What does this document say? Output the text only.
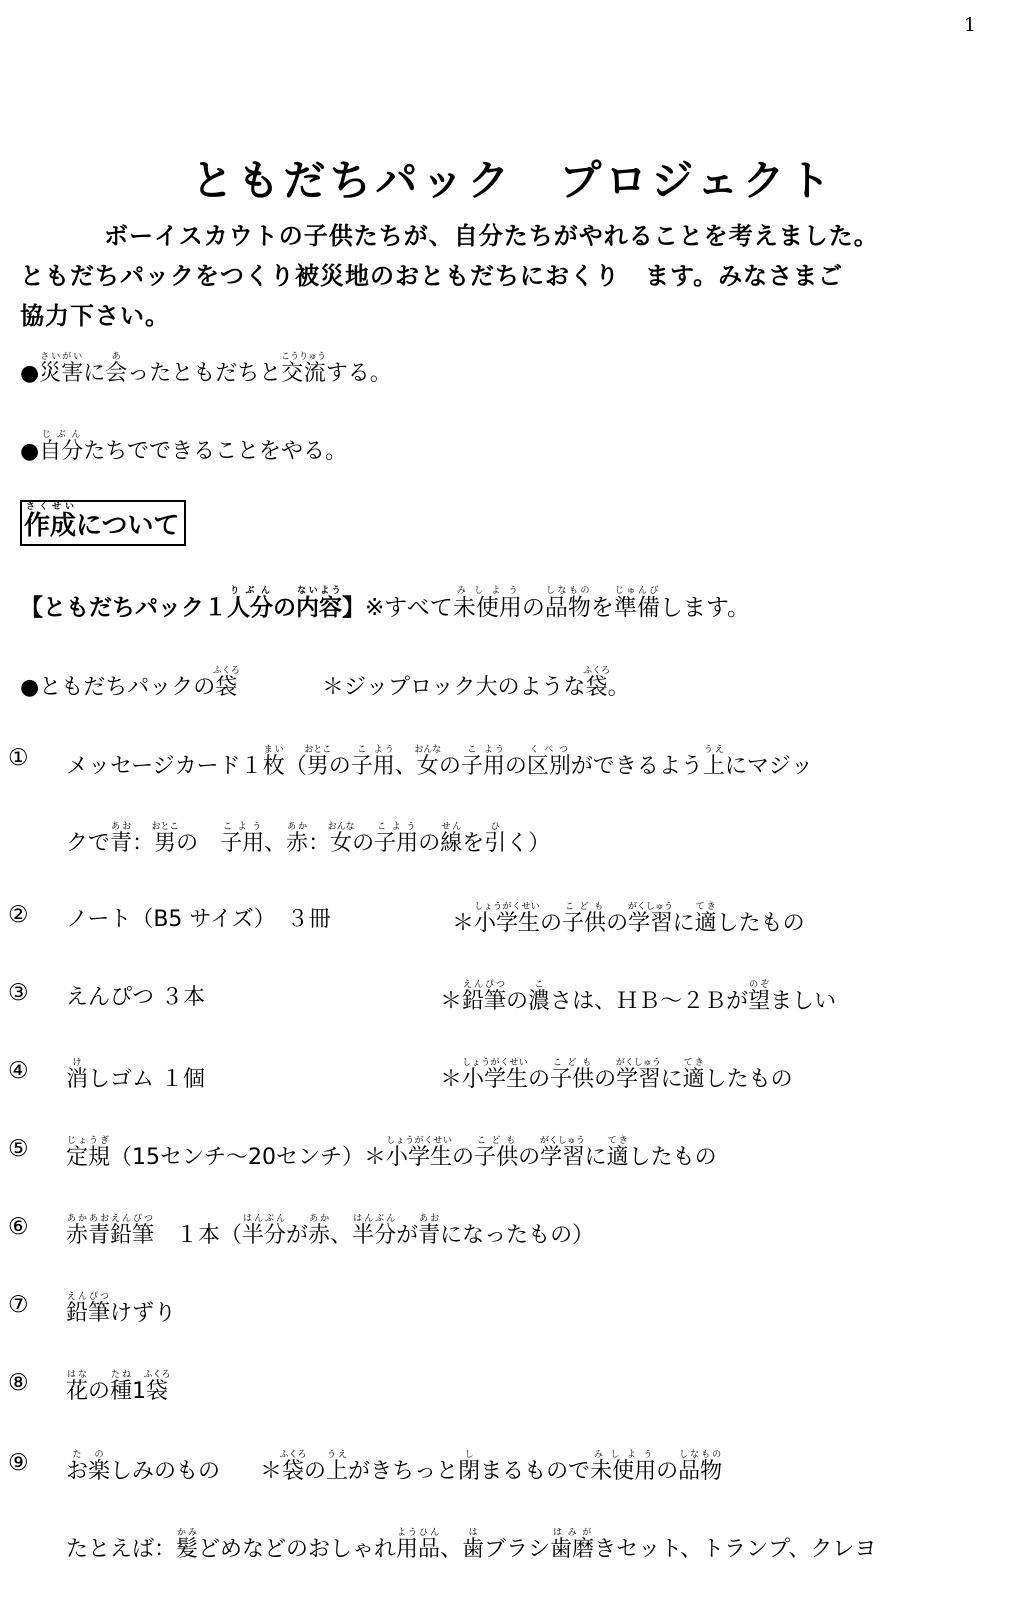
1
ともだちパック　プロジェクト
ボーイスカウトの子供たちが、自分たちがやれることを考えました。
ともだちパックをつくり被災地のおともだちにおくり　ます。みなさまご
協力下さい。
●災害さいがいに会あったともだちと交流こうりゅうする。
●自分じぶんたちでできることをやる。
作成さくせいについて
【ともだちパック１人分りぶんの内容ないよう】※すべて未使用みしようの品物しなものを準備じゅんびします。
●ともだちパックの袋ふくろ
＊ジップロック大のような袋ふくろ。
① メッセージカード１枚まい（男おとこの子こ用よう、女おんなの子こ用ようの区別くべつができるよう上うえにマジッ
クで青あお：男おとこの　子用こよう、赤あか：女おんなの子用こようの線せんを引ひく）
② ノート（B5 サイズ）　３冊	＊小学生しょうがくせいの子供こどもの学習がくしゅうに適てきしたもの
③ えんぴつ ３本	＊鉛筆えんぴつの濃こさは、ＨＢ～２Ｂが望のぞましい
④ 消けしゴム １個	＊小学生しょうがくせいの子供こどもの学習がくしゅうに適てきしたもの
⑤ 定規じょうぎ（15センチ～20センチ）＊小学生しょうがくせいの子供こどもの学習がくしゅうに適てきしたもの
⑥ 赤青鉛筆あかあおえんぴつ　１本（半分はんぶんが赤あか、半分はんぶんが青あおになったもの）
⑦ 鉛筆えんぴつけずり
⑧ 花はなの種たね1袋ふくろ
⑨ お楽たのしみのもの ＊袋ふくろの上うえがきちっと閉しまるもので未使用みしようの品物しなもの
たとえば：髪かみどめなどのおしゃれ用品ようひん、歯はブラシ歯磨はみがきセット、トランプ、クレヨ
